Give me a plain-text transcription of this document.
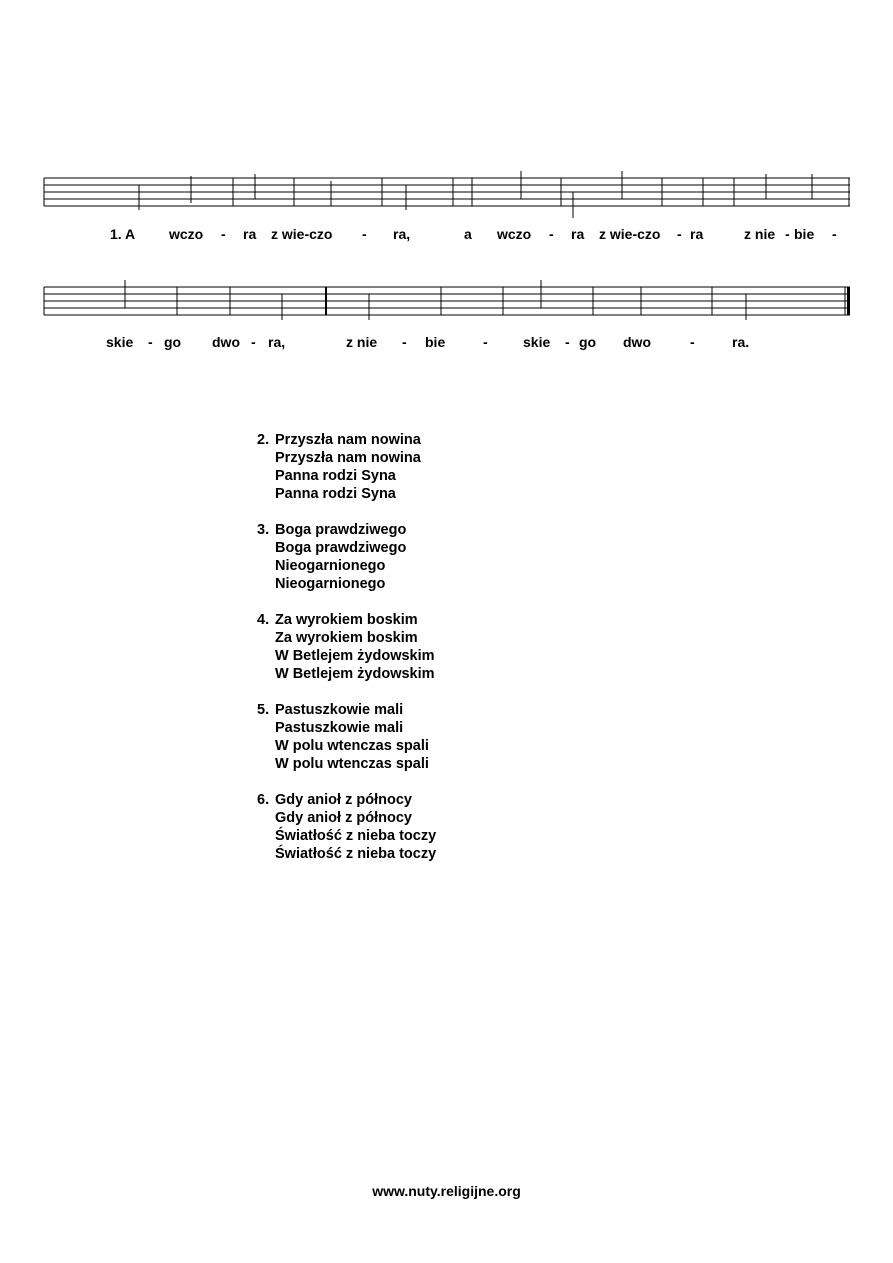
1. A wczo - ra z wie-czo - ra,	a wczo - ra z wie-czo - ra	z nie - bie -
skie - go dwo - ra,	z nie - bie	-	skie - go dwo	-	ra.
2. Przyszła nam nowina
Przyszła nam nowina
Panna rodzi Syna
Panna rodzi Syna
3. Boga prawdziwego
Boga prawdziwego
Nieogarnionego
Nieogarnionego
4. Za wyrokiem boskim
Za wyrokiem boskim
W Betlejem żydowskim
W Betlejem żydowskim
5. Pastuszkowie mali
Pastuszkowie mali
W polu wtenczas spali
W polu wtenczas spali
6. Gdy anioł z północy
Gdy anioł z północy
Światłość z nieba toczy
Światłość z nieba toczy
www.nuty.religijne.org
